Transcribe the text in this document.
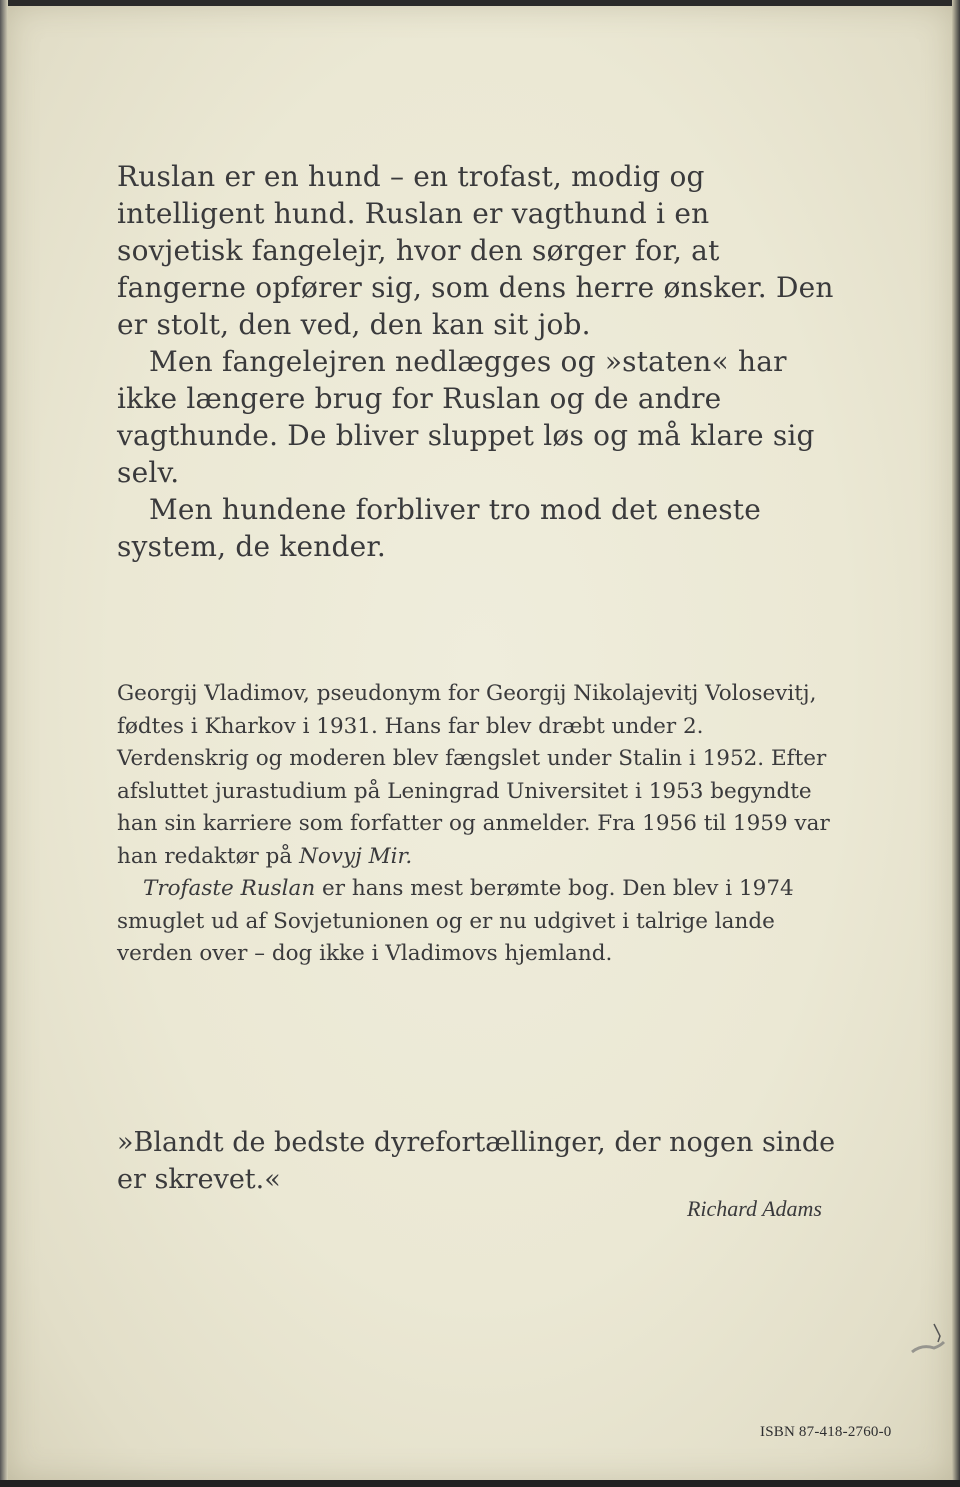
Ruslan er en hund – en trofast, modig og intelligent hund. Ruslan er vagthund i en sovjetisk fangelejr, hvor den sørger for, at fangerne opfører sig, som dens herre ønsker. Den er stolt, den ved, den kan sit job.

Men fangelejren nedlægges og »staten« har ikke længere brug for Ruslan og de andre vagthunde. De bliver sluppet løs og må klare sig selv.

Men hundene forbliver tro mod det eneste system, de kender.

Georgij Vladimov, pseudonym for Georgij Nikolajevitj Volosevitj, fødtes i Kharkov i 1931. Hans far blev dræbt under 2. Verdenskrig og moderen blev fængslet under Stalin i 1952. Efter afsluttet jurastudium på Leningrad Universitet i 1953 begyndte han sin karriere som forfatter og anmelder. Fra 1956 til 1959 var han redaktør på Novyj Mir.

Trofaste Ruslan er hans mest berømte bog. Den blev i 1974 smuglet ud af Sovjetunionen og er nu udgivet i talrige lande verden over – dog ikke i Vladimovs hjemland.

»Blandt de bedste dyrefortællinger, der nogen sinde er skrevet.«

Richard Adams

ISBN 87-418-2760-0
